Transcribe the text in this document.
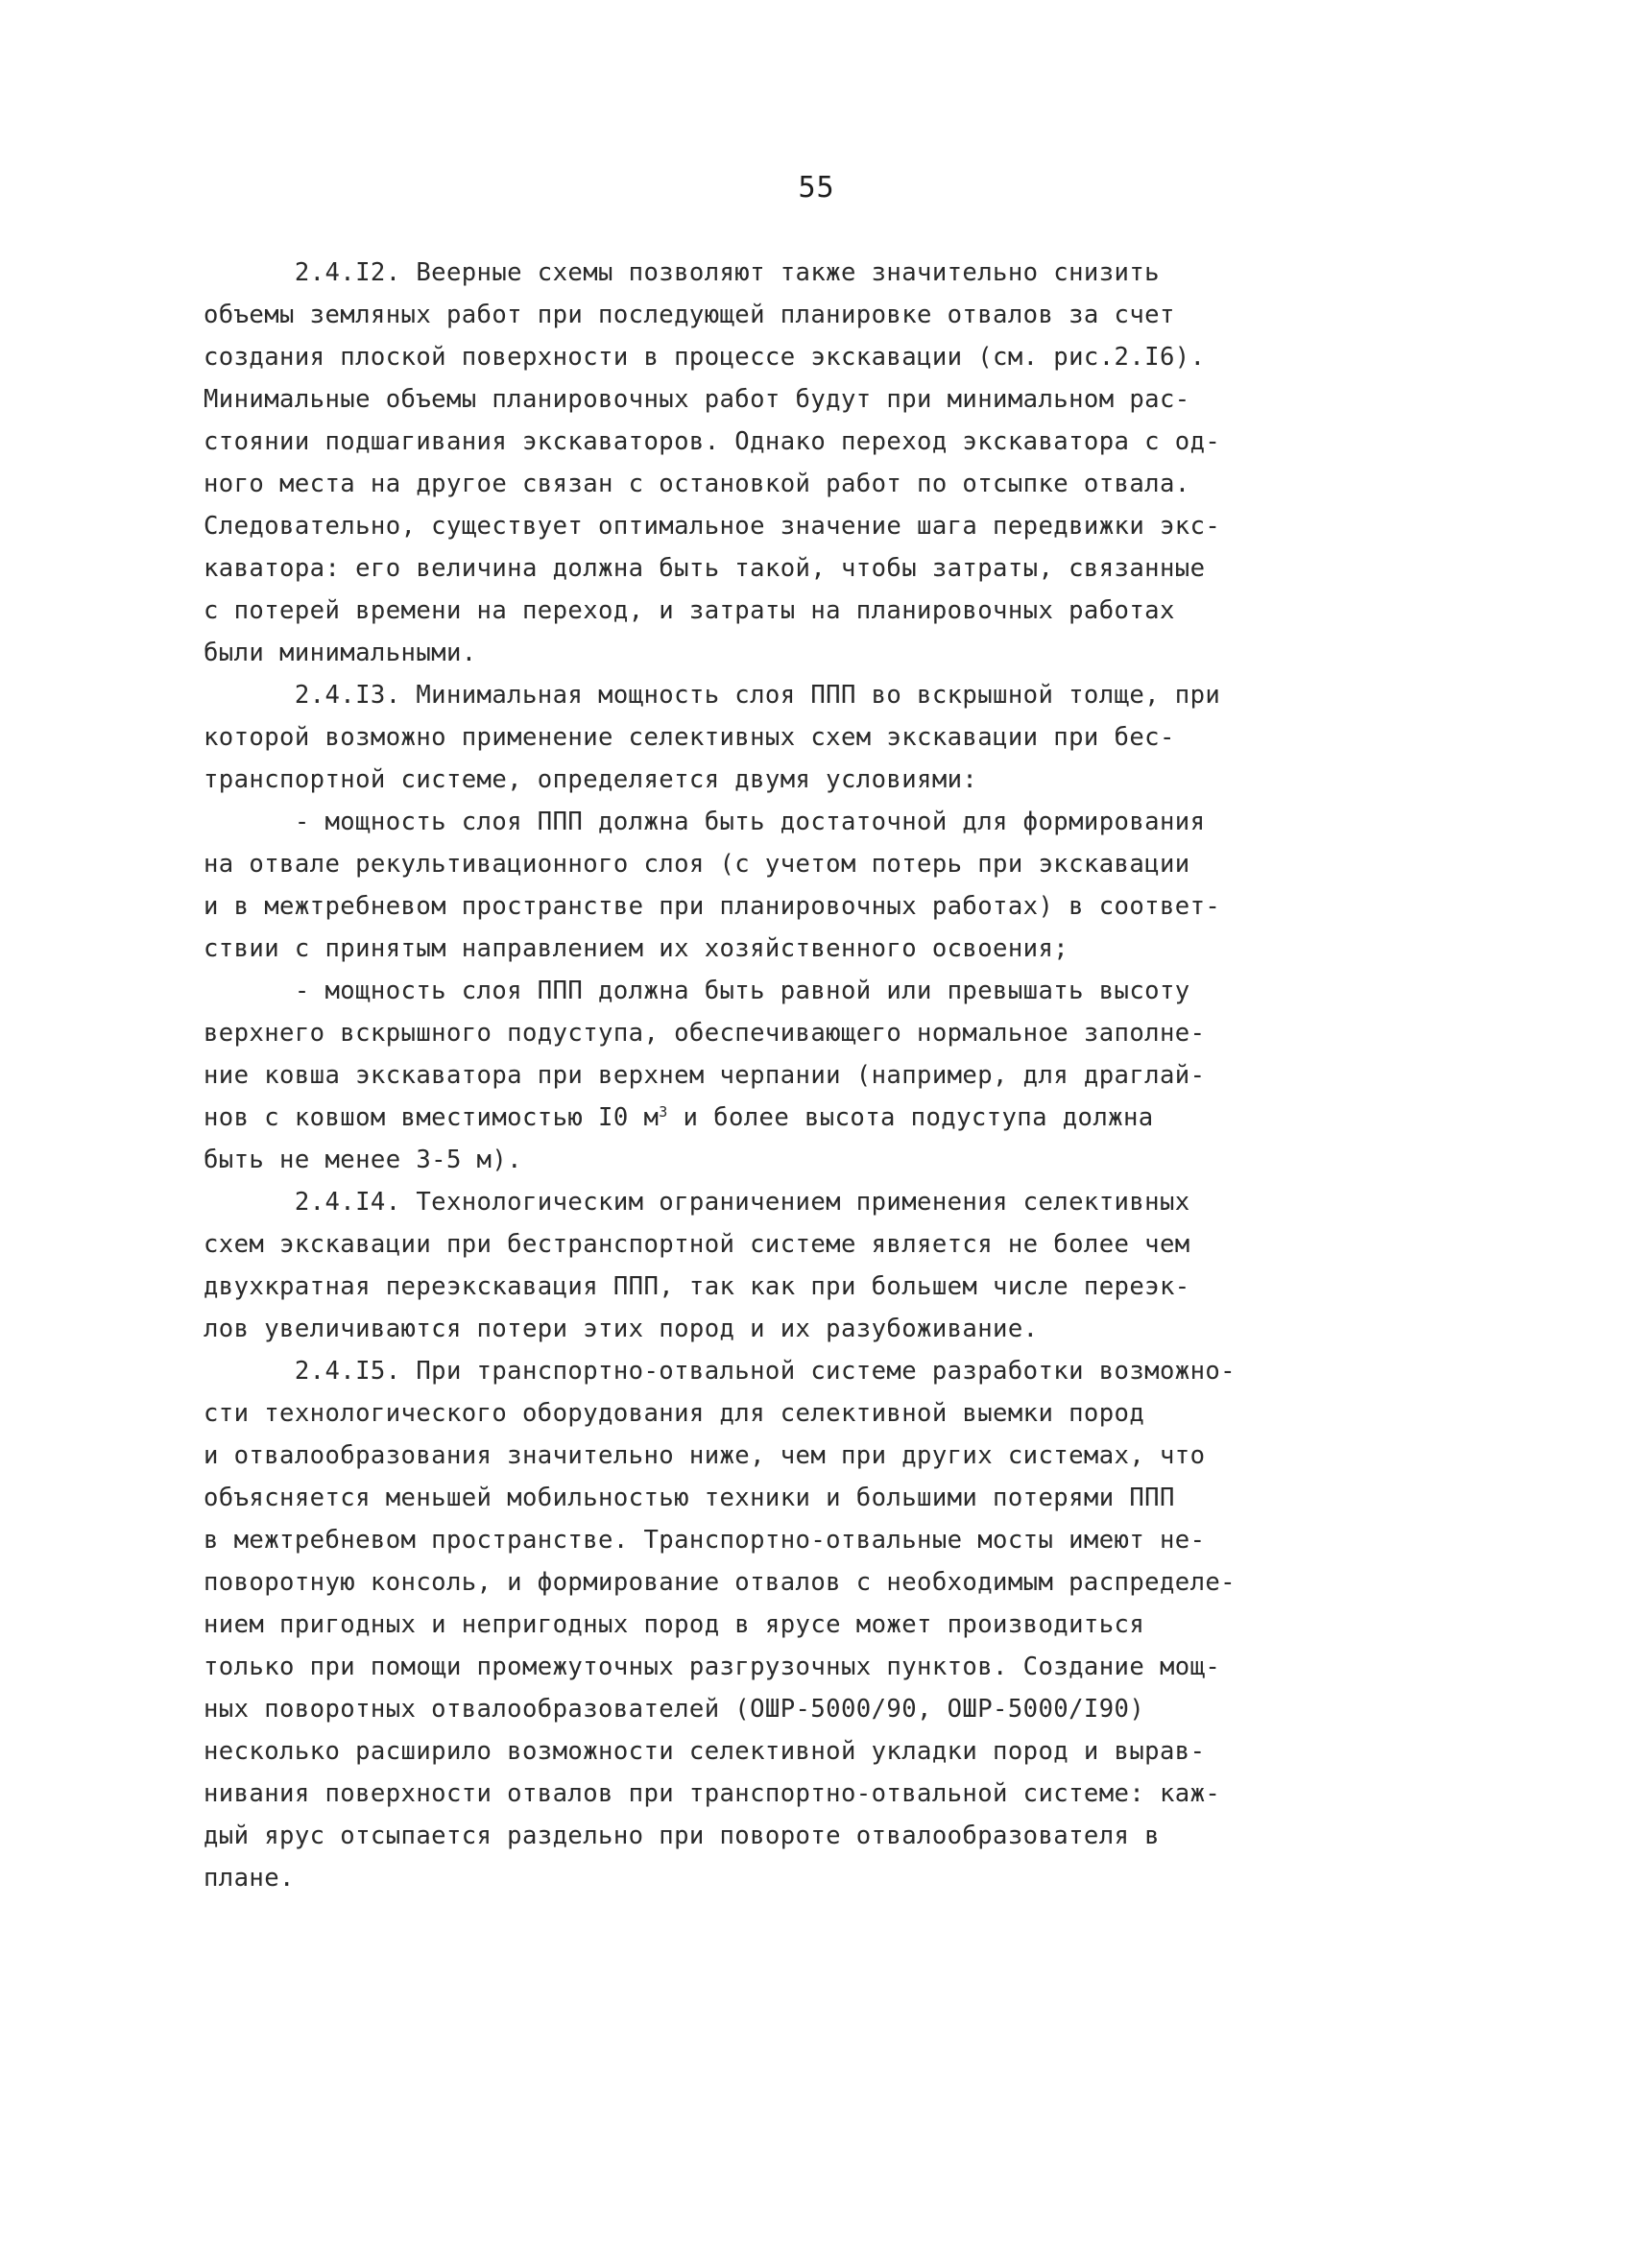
55
2.4.I2. Веерные схемы позволяют также значительно снизить
объемы земляных работ при последующей планировке отвалов за счет
создания плоской поверхности в процессе экскавации (см. рис.2.I6).
Минимальные объемы планировочных работ будут при минимальном рас-
стоянии подшагивания экскаваторов. Однако переход экскаватора с од-
ного места на другое связан с остановкой работ по отсыпке отвала.
Следовательно, существует оптимальное значение шага передвижки экс-
каватора: его величина должна быть такой, чтобы затраты, связанные
с потерей времени на переход, и затраты на планировочных работах
были минимальными.
2.4.I3. Минимальная мощность слоя ППП во вскрышной толще, при
которой возможно применение селективных схем экскавации при бес-
транспортной системе, определяется двумя условиями:
- мощность слоя ППП должна быть достаточной для формирования
на отвале рекультивационного слоя (с учетом потерь при экскавации
и в межтребневом пространстве при планировочных работах) в соответ-
ствии с принятым направлением их хозяйственного освоения;
- мощность слоя ППП должна быть равной или превышать высоту
верхнего вскрышного подуступа, обеспечивающего нормальное заполне-
ние ковша экскаватора при верхнем черпании (например, для драглай-
нов с ковшом вместимостью I0 $м^3$ и более высота подуступа должна
быть не менее 3-5 м).
2.4.I4. Технологическим ограничением применения селективных
схем экскавации при бестранспортной системе является не более чем
двухкратная переэкскавация ППП, так как при большем числе переэк-
лов увеличиваются потери этих пород и их разубоживание.
2.4.I5. При транспортно-отвальной системе разработки возможно-
сти технологического оборудования для селективной выемки пород
и отвалообразования значительно ниже, чем при других системах, что
объясняется меньшей мобильностью техники и большими потерями ППП
в межтребневом пространстве. Транспортно-отвальные мосты имеют не-
поворотную консоль, и формирование отвалов с необходимым распределе-
нием пригодных и непригодных пород в ярусе может производиться
только при помощи промежуточных разгрузочных пунктов. Создание мощ-
ных поворотных отвалообразователей (ОШР-5000/90, ОШР-5000/I90)
несколько расширило возможности селективной укладки пород и вырав-
нивания поверхности отвалов при транспортно-отвальной системе: каж-
дый ярус отсыпается раздельно при повороте отвалообразователя в
плане.
